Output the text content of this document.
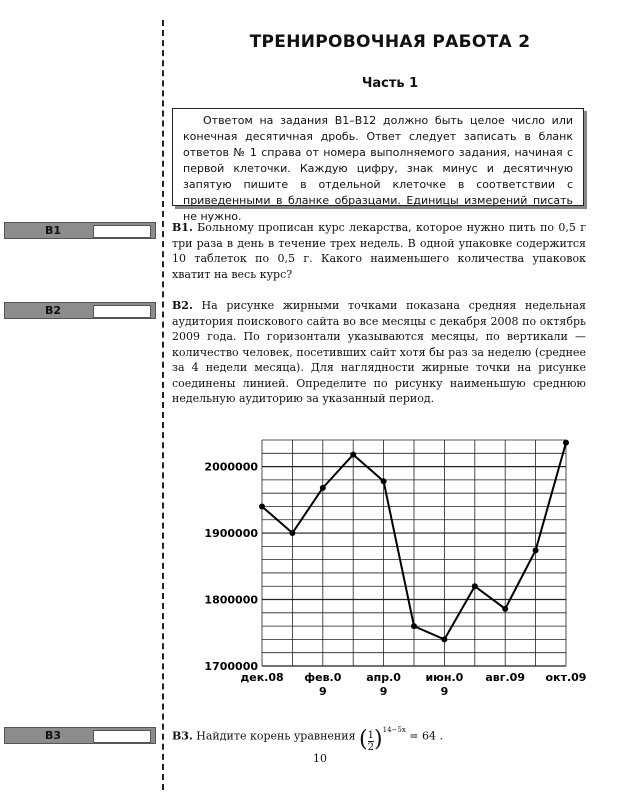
ТРЕНИРОВОЧНАЯ РАБОТА 2
Часть 1
Ответом на задания В1–В12 должно быть целое число или конечная десятичная дробь. Ответ следует записать в бланк ответов № 1 справа от номера выполняемого задания, начиная с первой клеточки. Каждую цифру, знак минус и десятичную запятую пишите в отдельной клеточке в соответствии с приведенными в бланке образцами. Единицы измерений писать не нужно.
B1
B2
B3
B1. Больному прописан курс лекарства, которое нужно пить по 0,5 г три раза в день в течение трех недель. В одной упаковке содержится 10 таблеток по 0,5 г. Какого наименьшего количества упаковок хватит на весь курс?
B2. На рисунке жирными точками показана средняя недельная аудитория поискового сайта во все месяцы с декабря 2008 по октябрь 2009 года. По горизонтали указываются месяцы, по вертикали — количество человек, посетивших сайт хотя бы раз за неделю (среднее за 4 недели месяца). Для наглядности жирные точки на рисунке соединены линией. Определите по рисунку наименьшую среднюю недельную аудиторию за указанный период.
1700000
1800000
1900000
2000000
дек.08 фев.0
9
апр.0
9
июн.0
9
авг.09 окт.09
B3. Найдите корень уравнения ( $\frac{1}{2} )^{14-5x} = 64$ .
10
